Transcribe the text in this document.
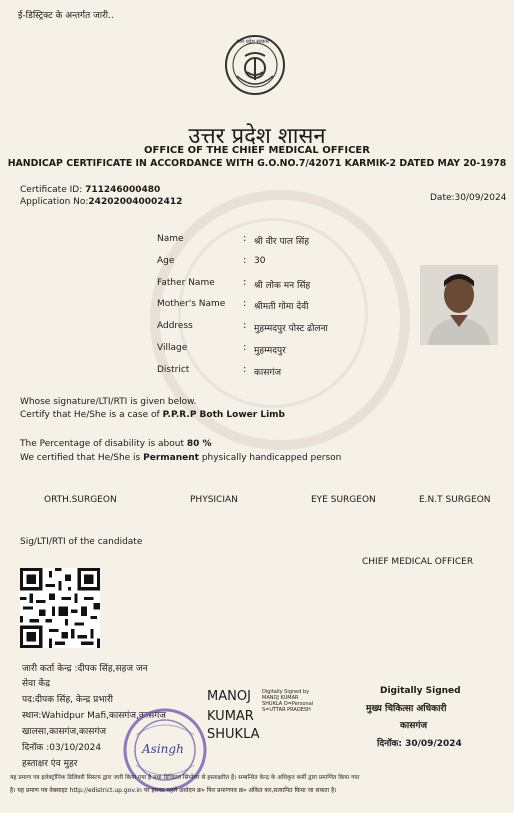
ई-डिस्ट्रिक्ट के अन्तर्गत जारी..
उत्तर प्रदेश सरकार
उत्तर प्रदेश शासन
OFFICE OF THE CHIEF MEDICAL OFFICER
HANDICAP CERTIFICATE IN ACCORDANCE WITH G.O.NO.7/42071 KARMIK-2 DATED MAY 20-1978
Certificate ID: 711246000480
Application No:242020040002412	Date:30/09/2024
Name	: श्री वीर पाल सिंह
Age	: 30
Father Name	: श्री लोक मन सिंह
Mother's Name : श्रीमती गोमा देवी
Address	: मुहम्मदपुर पोस्ट ढोलना
Village	: मुहम्मदपुर
District	: कासगंज
Whose signature/LTI/RTI is given below.
Certify that He/She is a case of P.P.R.P Both Lower Limb
The Percentage of disability is about 80 %
We certified that He/She is Permanent physically handicapped person
ORTH.SURGEON	PHYSICIAN	EYE SURGEON	E.N.T SURGEON
Sig/LTI/RTI of the candidate
CHIEF MEDICAL OFFICER
जारी कर्ता केन्द्र :दीपक सिंह,सहज जन
सेवा केंद्र
पद:दीपक सिंह, केन्द्र प्रभारी
स्थान:Wahidpur Mafi,कासगंज,कासगंज
खालसा,कासगंज,कासगंज
दिनॉक :03/10/2024
हस्ताक्षर एंव मुहर
Asingh
MANOJ
KUMAR
SHUKLA
Digitally Signed by
MANOJ KUMAR
SHUKLA O=Personal
S=UTTAR PRADESH
Digitally Signed
मुख्य चिकित्सा अधिकारी
कासगंज
दिनॉक: 30/09/2024
यह प्रमाण पत्र इलेक्ट्रॉनिक डिलिवरी सिस्टम द्वारा जारी किया गया है तथा डिजिटल सिग्नेचर से हस्ताक्षरित है। सम्बन्धित केन्द्र के अधिकृत कर्मी द्वारा प्रमाणित किया गया
है। यह प्रमाण पत्र वेबसाइट http://edistrict.up.gov.in पर इसका पहले आवेदन क्र० फिर प्रमाणपत्र क्र० अंकित कर,सत्यापित किया जा सकता है।
